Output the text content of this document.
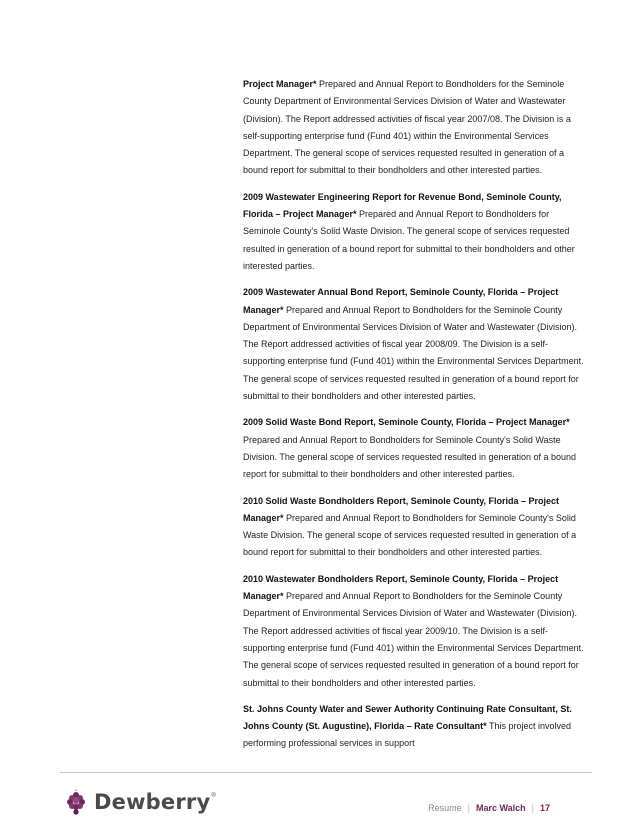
Project Manager* Prepared and Annual Report to Bondholders for the Seminole County Department of Environmental Services Division of Water and Wastewater (Division). The Report addressed activities of fiscal year 2007/08. The Division is a self-supporting enterprise fund (Fund 401) within the Environmental Services Department. The general scope of services requested resulted in generation of a bound report for submittal to their bondholders and other interested parties.

2009 Wastewater Engineering Report for Revenue Bond, Seminole County, Florida – Project Manager* Prepared and Annual Report to Bondholders for Seminole County's Solid Waste Division. The general scope of services requested resulted in generation of a bound report for submittal to their bondholders and other interested parties.

2009 Wastewater Annual Bond Report, Seminole County, Florida – Project Manager* Prepared and Annual Report to Bondholders for the Seminole County Department of Environmental Services Division of Water and Wastewater (Division). The Report addressed activities of fiscal year 2008/09. The Division is a self-supporting enterprise fund (Fund 401) within the Environmental Services Department. The general scope of services requested resulted in generation of a bound report for submittal to their bondholders and other interested parties.

2009 Solid Waste Bond Report, Seminole County, Florida – Project Manager* Prepared and Annual Report to Bondholders for Seminole County's Solid Waste Division. The general scope of services requested resulted in generation of a bound report for submittal to their bondholders and other interested parties.

2010 Solid Waste Bondholders Report, Seminole County, Florida – Project Manager* Prepared and Annual Report to Bondholders for Seminole County's Solid Waste Division. The general scope of services requested resulted in generation of a bound report for submittal to their bondholders and other interested parties.

2010 Wastewater Bondholders Report, Seminole County, Florida – Project Manager* Prepared and Annual Report to Bondholders for the Seminole County Department of Environmental Services Division of Water and Wastewater (Division). The Report addressed activities of fiscal year 2009/10. The Division is a self-supporting enterprise fund (Fund 401) within the Environmental Services Department. The general scope of services requested resulted in generation of a bound report for submittal to their bondholders and other interested parties.

St. Johns County Water and Sewer Authority Continuing Rate Consultant, St. Johns County (St. Augustine), Florida – Rate Consultant* This project involved performing professional services in support

Dewberry ®
Resume | Marc Walch | 17
